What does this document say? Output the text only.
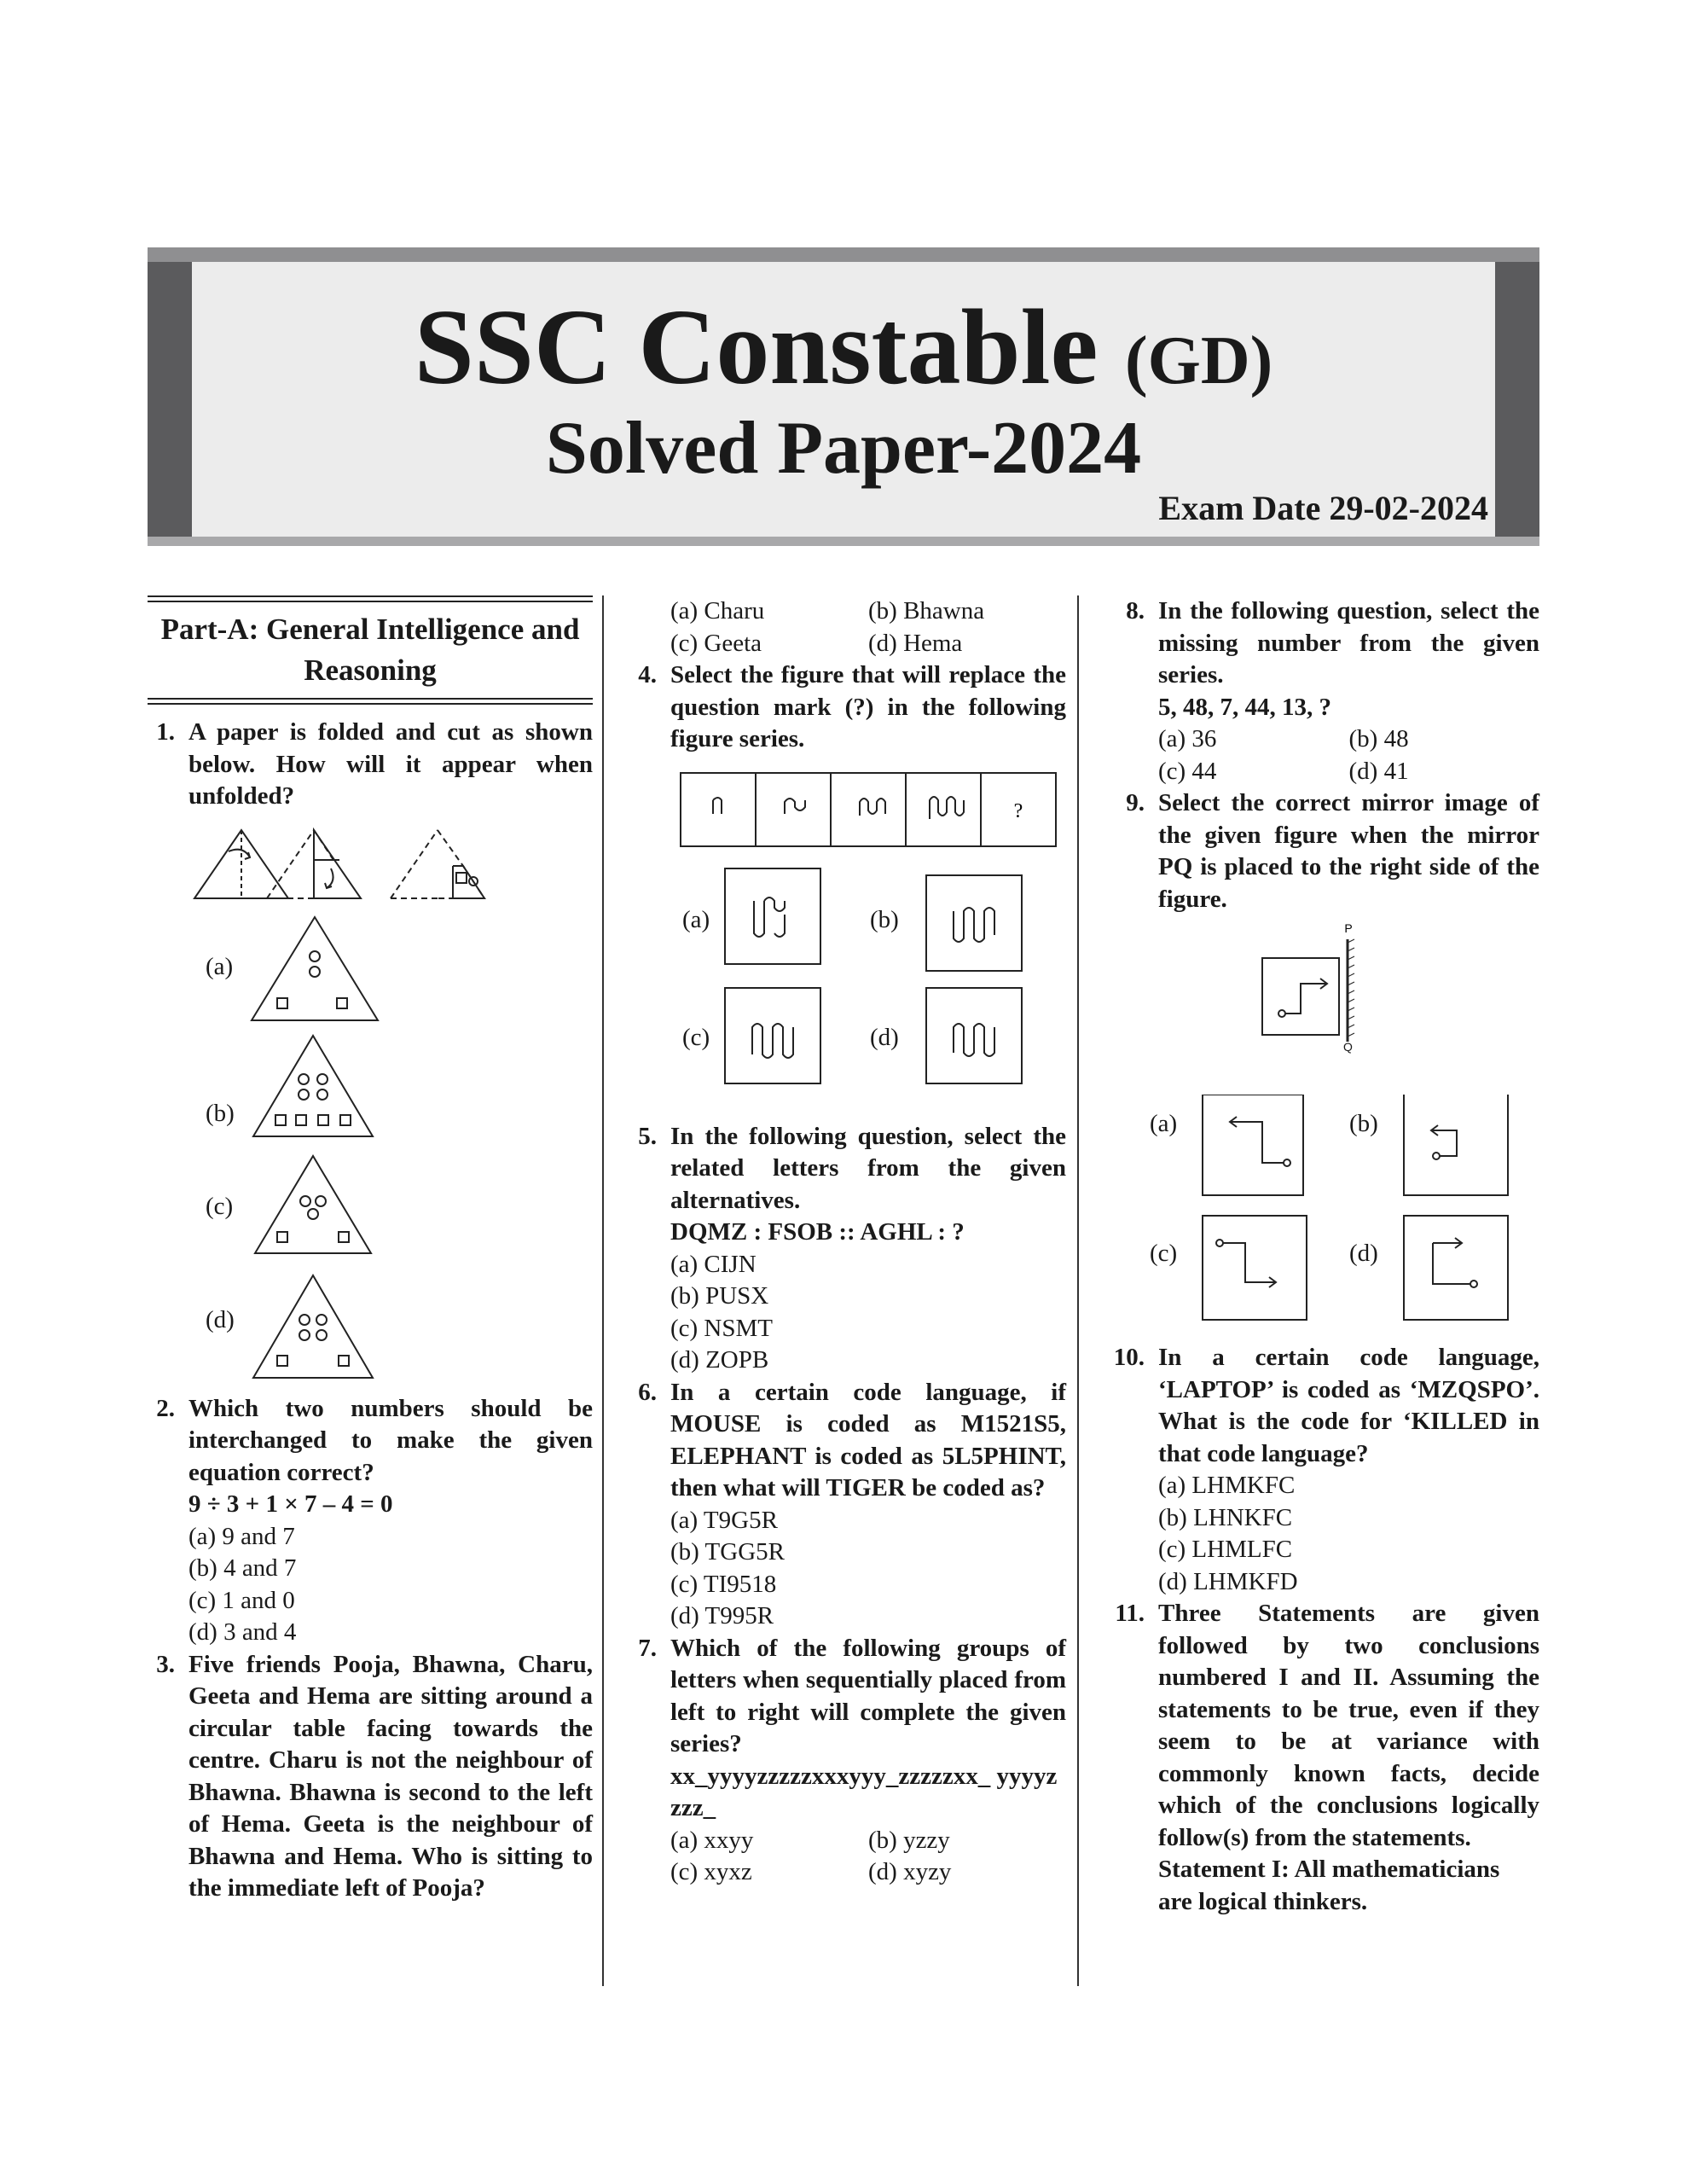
SSC Constable (GD)
Solved Paper-2024
Exam Date 29-02-2024
Part-A: General Intelligence and Reasoning
1. A paper is folded and cut as shown below. How will it appear when unfolded?
(a)
(b)
(c)
(d)
2. Which two numbers should be interchanged to make the given equation correct?
9 ÷ 3 + 1 × 7 – 4 = 0
(a) 9 and 7
(b) 4 and 7
(c) 1 and 0
(d) 3 and 4
3. Five friends Pooja, Bhawna, Charu, Geeta and Hema are sitting around a circular table facing towards the centre. Charu is not the neighbour of Bhawna. Bhawna is second to the left of Hema. Geeta is the neighbour of Bhawna and Hema. Who is sitting to the immediate left of Pooja?
(a) Charu	(b) Bhawna
(c) Geeta	(d) Hema
4. Select the figure that will replace the question mark (?) in the following figure series.
?
(a)	(b)
(c)	(d)
5. In the following question, select the related letters from the given alternatives.
DQMZ : FSOB :: AGHL : ?
(a) CIJN
(b) PUSX
(c) NSMT
(d) ZOPB
6. In a certain code language, if MOUSE is coded as M1521S5, ELEPHANT is coded as 5L5PHINT, then what will TIGER be coded as?
(a) T9G5R
(b) TGG5R
(c) TI9518
(d) T995R
7. Which of the following groups of letters when sequentially placed from left to right will complete the given series?
xx_yyyyzzzzzxxxyyy_zzzzzxx_ yyyyzzzz_
(a) xxyy	(b) yzzy
(c) xyxz	(d) xyzy
8. In the following question, select the missing number from the given series.
5, 48, 7, 44, 13, ?
(a) 36	(b) 48
(c) 44	(d) 41
9. Select the correct mirror image of the given figure when the mirror PQ is placed to the right side of the figure.
P
Q
(a)	(b)
(c)	(d)
10. In a certain code language, ‘LAPTOP’ is coded as ‘MZQSPO’. What is the code for ‘KILLED in that code language?
(a) LHMKFC
(b) LHNKFC
(c) LHMLFC
(d) LHMKFD
11. Three Statements are given followed by two conclusions numbered I and II. Assuming the statements to be true, even if they seem to be at variance with commonly known facts, decide which of the conclusions logically follow(s) from the statements.
Statement I: All mathematicians are logical thinkers.
